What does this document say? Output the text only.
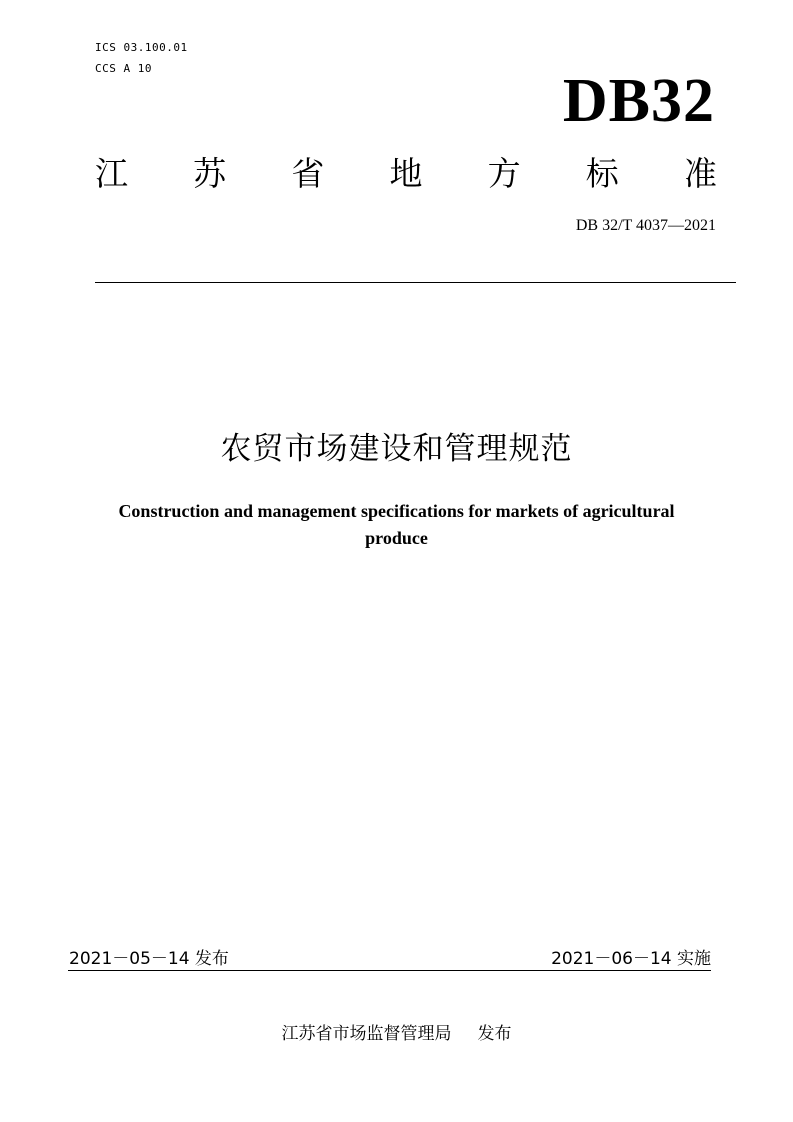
ICS 03.100.01
CCS A 10	DB32
江 苏 省 地 方 标 准
DB 32/T 4037—2021
农贸市场建设和管理规范
Construction and management specifications for markets of agricultural produce
2021－05－14 发布	2021－06－14 实施
江苏省市场监督管理局 发布
